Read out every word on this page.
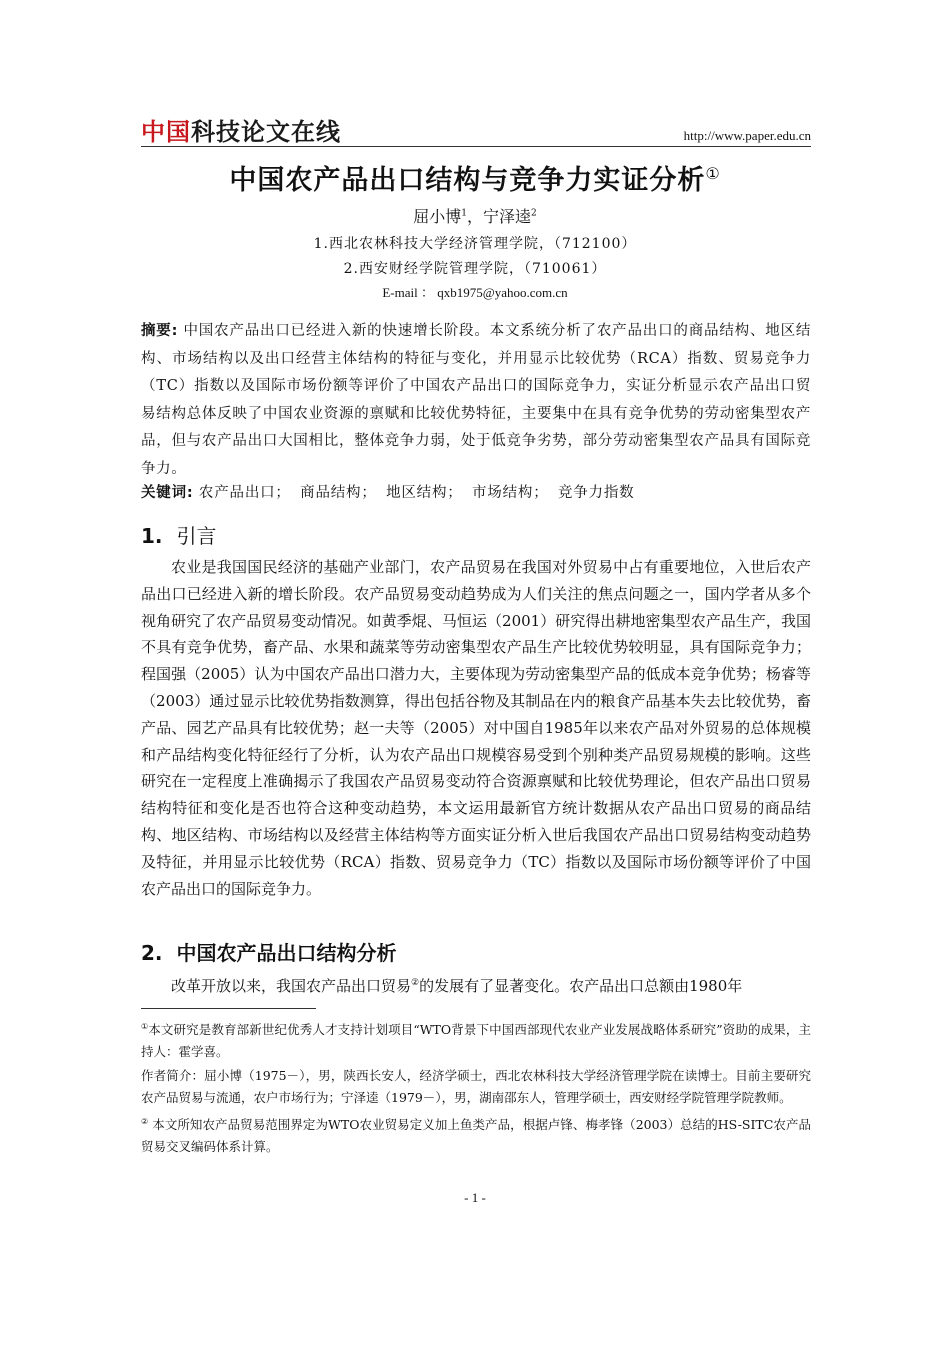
中国科技论文在线	http://www.paper.edu.cn
中国农产品出口结构与竞争力实证分析①
屈小博$^1$，宁泽逵$^2$
1.西北农林科技大学经济管理学院，（712100）
2.西安财经学院管理学院，（710061）
E-mail ： qxb1975@yahoo.com.cn
摘要: 中国农产品出口已经进入新的快速增长阶段。本文系统分析了农产品出口的商品结构、地区结构、市场结构以及出口经营主体结构的特征与变化，并用显示比较优势（RCA）指数、贸易竞争力（TC）指数以及国际市场份额等评价了中国农产品出口的国际竞争力，实证分析显示农产品出口贸易结构总体反映了中国农业资源的禀赋和比较优势特征，主要集中在具有竞争优势的劳动密集型农产品，但与农产品出口大国相比，整体竞争力弱，处于低竞争劣势，部分劳动密集型农产品具有国际竞争力。
关键词: 农产品出口； 商品结构； 地区结构； 市场结构； 竞争力指数
1. 引言
农业是我国国民经济的基础产业部门，农产品贸易在我国对外贸易中占有重要地位，入世后农产品出口已经进入新的增长阶段。农产品贸易变动趋势成为人们关注的焦点问题之一，国内学者从多个视角研究了农产品贸易变动情况。如黄季焜、马恒运（2001）研究得出耕地密集型农产品生产，我国不具有竞争优势，畜产品、水果和蔬菜等劳动密集型农产品生产比较优势较明显，具有国际竞争力；程国强（2005）认为中国农产品出口潜力大，主要体现为劳动密集型产品的低成本竞争优势；杨睿等（2003）通过显示比较优势指数测算，得出包括谷物及其制品在内的粮食产品基本失去比较优势，畜产品、园艺产品具有比较优势；赵一夫等（2005）对中国自1985年以来农产品对外贸易的总体规模和产品结构变化特征经行了分析，认为农产品出口规模容易受到个别种类产品贸易规模的影响。这些研究在一定程度上准确揭示了我国农产品贸易变动符合资源禀赋和比较优势理论，但农产品出口贸易结构特征和变化是否也符合这种变动趋势，本文运用最新官方统计数据从农产品出口贸易的商品结构、地区结构、市场结构以及经营主体结构等方面实证分析入世后我国农产品出口贸易结构变动趋势及特征，并用显示比较优势（RCA）指数、贸易竞争力（TC）指数以及国际市场份额等评价了中国农产品出口的国际竞争力。
2. 中国农产品出口结构分析
改革开放以来，我国农产品出口贸易②的发展有了显著变化。农产品出口总额由1980年

①本文研究是教育部新世纪优秀人才支持计划项目“WTO背景下中国西部现代农业产业发展战略体系研究”资助的成果，主持人：霍学喜。

作者简介：屈小博（1975－），男，陕西长安人，经济学硕士，西北农林科技大学经济管理学院在读博士。目前主要研究农产品贸易与流通，农户市场行为；宁泽逵（1979－），男，湖南邵东人，管理学硕士，西安财经学院管理学院教师。

② 本文所知农产品贸易范围界定为WTO农业贸易定义加上鱼类产品，根据卢锋、梅孝锋（2003）总结的HS-SITC农产品贸易交叉编码体系计算。

- 1 -
